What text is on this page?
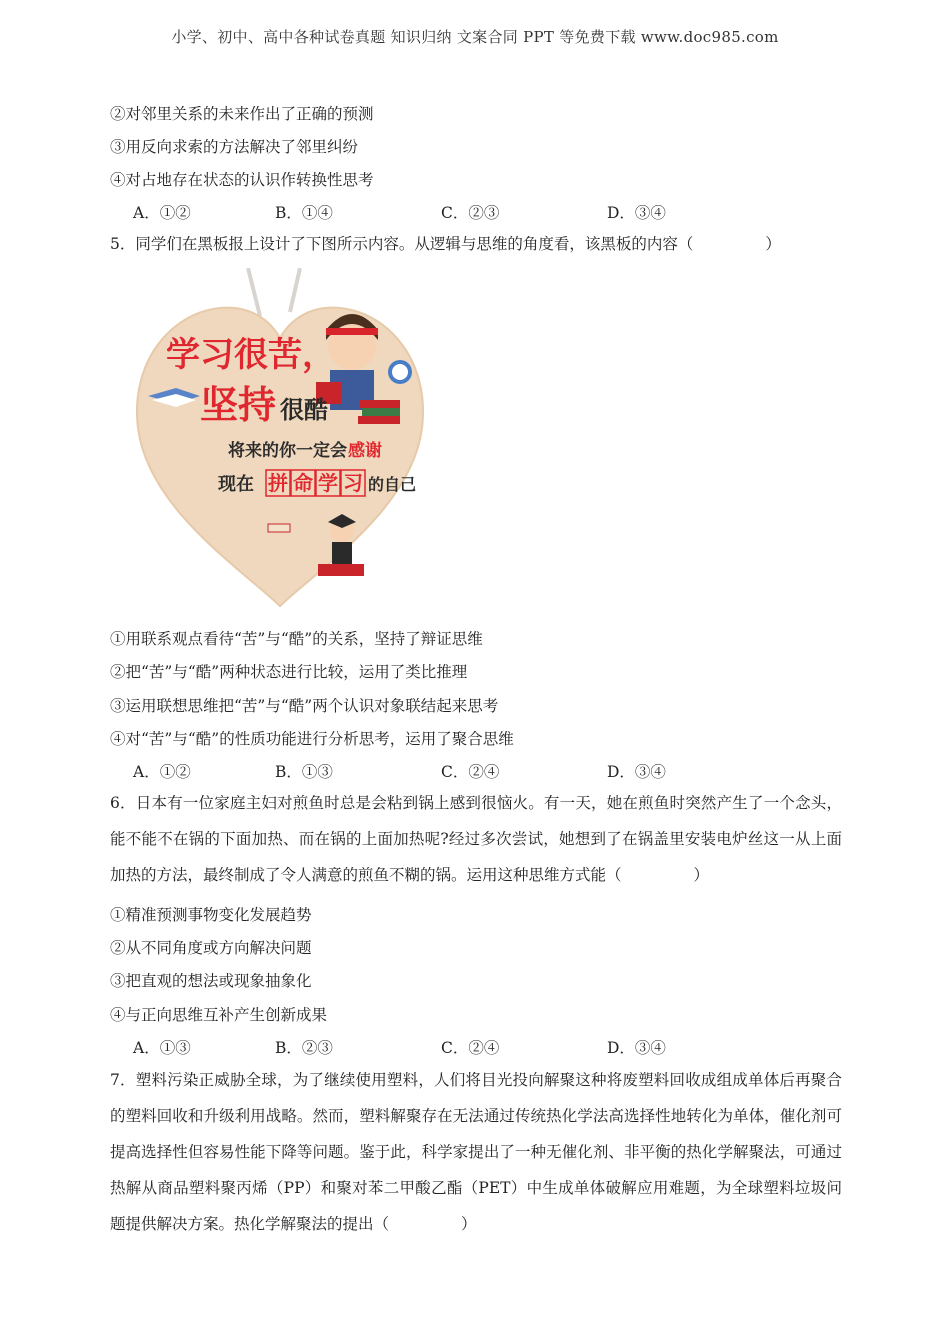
小学、初中、高中各种试卷真题 知识归纳 文案合同 PPT 等免费下载 www.doc985.com
②对邻里关系的未来作出了正确的预测
③用反向求索的方法解决了邻里纠纷
④对占地存在状态的认识作转换性思考
A．①②	B．①④	C．②③	D．③④
5．同学们在黑板报上设计了下图所示内容。从逻辑与思维的角度看，该黑板的内容（	）
学习很苦，
坚持 很酷
将来的你一定会 感谢
现在 拼命学习 的自己
①用联系观点看待“苦”与“酷”的关系，坚持了辩证思维
②把“苦”与“酷”两种状态进行比较，运用了类比推理
③运用联想思维把“苦”与“酷”两个认识对象联结起来思考
④对“苦”与“酷”的性质功能进行分析思考，运用了聚合思维
A．①②	B．①③	C．②④	D．③④
6．日本有一位家庭主妇对煎鱼时总是会粘到锅上感到很恼火。有一天，她在煎鱼时突然产生了一个念头，能不能不在锅的下面加热、而在锅的上面加热呢?经过多次尝试，她想到了在锅盖里安装电炉丝这一从上面加热的方法，最终制成了令人满意的煎鱼不糊的锅。运用这种思维方式能（	）
①精准预测事物变化发展趋势
②从不同角度或方向解决问题
③把直观的想法或现象抽象化
④与正向思维互补产生创新成果
A．①③	B．②③	C．②④	D．③④
7．塑料污染正威胁全球，为了继续使用塑料，人们将目光投向解聚这种将废塑料回收成组成单体后再聚合的塑料回收和升级利用战略。然而，塑料解聚存在无法通过传统热化学法高选择性地转化为单体，催化剂可提高选择性但容易性能下降等问题。鉴于此，科学家提出了一种无催化剂、非平衡的热化学解聚法，可通过热解从商品塑料聚丙烯（PP）和聚对苯二甲酸乙酯（PET）中生成单体破解应用难题，为全球塑料垃圾问题提供解决方案。热化学解聚法的提出（	）
